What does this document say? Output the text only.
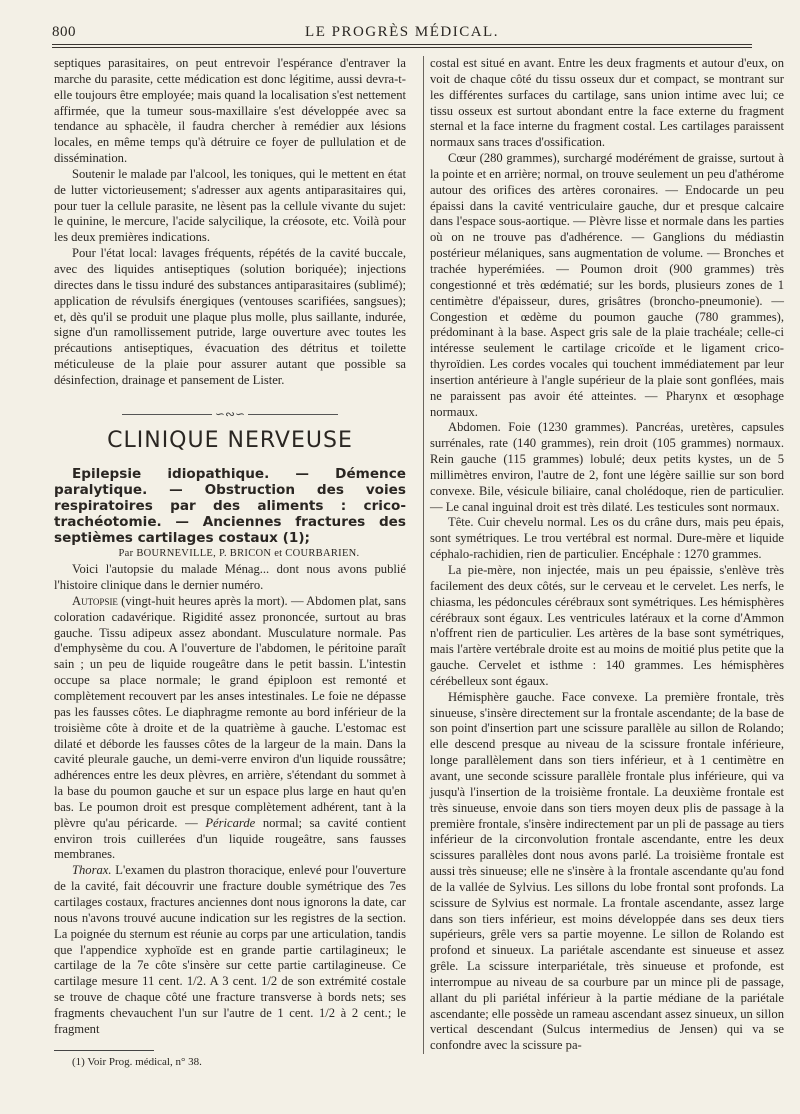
800	LE PROGRÈS MÉDICAL.

septiques parasitaires, on peut entrevoir l'espérance d'entraver la marche du parasite, cette médication est donc légitime, aussi devra-t-elle toujours être employée; mais quand la localisation s'est nettement affirmée, que la tumeur sous-maxillaire s'est développée avec sa tendance au sphacèle, il faudra chercher à remédier aux lésions locales, en même temps qu'à détruire ce foyer de pullulation et de dissémination.

Soutenir le malade par l'alcool, les toniques, qui le mettent en état de lutter victorieusement; s'adresser aux agents antiparasitaires qui, pour tuer la cellule parasite, ne lèsent pas la cellule vivante du sujet: le quinine, le mercure, l'acide salycilique, la créosote, etc. Voilà pour les deux premières indications.

Pour l'état local: lavages fréquents, répétés de la cavité buccale, avec des liquides antiseptiques (solution boriquée); injections directes dans le tissu induré des substances antiparasitaires (sublimé); application de révulsifs énergiques (ventouses scarifiées, sangsues); et, dès qu'il se produit une plaque plus molle, plus saillante, indurée, signe d'un ramollissement putride, large ouverture avec toutes les précautions antiseptiques, évacuation des détritus et toilette méticuleuse de la plaie pour assurer autant que possible sa désinfection, drainage et pansement de Lister.

∽∾∽
CLINIQUE NERVEUSE

Epilepsie idiopathique. — Démence paralytique. — Obstruction des voies respiratoires par des aliments : crico-trachéotomie. — Anciennes fractures des septièmes cartilages costaux (1);

Par BOURNEVILLE, P. BRICON et COURBARIEN.

Voici l'autopsie du malade Ménag... dont nous avons publié l'histoire clinique dans le dernier numéro.

Autopsie (vingt-huit heures après la mort). — Abdomen plat, sans coloration cadavérique. Rigidité assez prononcée, surtout au bras gauche. Tissu adipeux assez abondant. Musculature normale. Pas d'emphysème du cou. A l'ouverture de l'abdomen, le péritoine paraît sain ; un peu de liquide rougeâtre dans le petit bassin. L'intestin occupe sa place normale; le grand épiploon est remonté et complètement recouvert par les anses intestinales. Le foie ne dépasse pas les fausses côtes. Le diaphragme remonte au bord inférieur de la troisième côte à droite et de la quatrième à gauche. L'estomac est dilaté et déborde les fausses côtes de la largeur de la main. Dans la cavité pleurale gauche, un demi-verre environ d'un liquide roussâtre; adhérences entre les deux plèvres, en arrière, s'étendant du sommet à la base du poumon gauche et sur un espace plus large en haut qu'en bas. Le poumon droit est presque complètement adhérent, tant à la plèvre qu'au péricarde. — Péricarde normal; sa cavité contient environ trois cuillerées d'un liquide rougeâtre, sans fausses membranes.

Thorax. L'examen du plastron thoracique, enlevé pour l'ouverture de la cavité, fait découvrir une fracture double symétrique des 7es cartilages costaux, fractures anciennes dont nous ignorons la date, car nous n'avons trouvé aucune indication sur les registres de la section. La poignée du sternum est réunie au corps par une articulation, tandis que l'appendice xyphoïde est en grande partie cartilagineux; le cartilage de la 7e côte s'insère sur cette partie cartilagineuse. Ce cartilage mesure 11 cent. 1/2. A 3 cent. 1/2 de son extrémité costale se trouve de chaque côté une fracture transverse à bords nets; ses fragments chevauchent l'un sur l'autre de 1 cent. 1/2 à 2 cent.; le fragment

(1) Voir Prog. médical, n° 38.

costal est situé en avant. Entre les deux fragments et autour d'eux, on voit de chaque côté du tissu osseux dur et compact, se montrant sur les différentes surfaces du cartilage, sans union intime avec lui; ce tissu osseux est surtout abondant entre la face externe du fragment sternal et la face interne du fragment costal. Les cartilages paraissent normaux sans traces d'ossification.

Cœur (280 grammes), surchargé modérément de graisse, surtout à la pointe et en arrière; normal, on trouve seulement un peu d'athérome autour des orifices des artères coronaires. — Endocarde un peu épaissi dans la cavité ventriculaire gauche, dur et presque calcaire dans l'espace sous-aortique. — Plèvre lisse et normale dans les parties où on ne trouve pas d'adhérence. — Ganglions du médiastin postérieur mélaniques, sans augmentation de volume. — Bronches et trachée hyperémiées. — Poumon droit (900 grammes) très congestionné et très œdématié; sur les bords, plusieurs zones de 1 centimètre d'épaisseur, dures, grisâtres (broncho-pneumonie). — Congestion et œdème du poumon gauche (780 grammes), prédominant à la base. Aspect gris sale de la plaie trachéale; celle-ci intéresse seulement le cartilage cricoïde et le ligament crico-thyroïdien. Les cordes vocales qui touchent immédiatement par leur insertion antérieure à l'angle supérieur de la plaie sont gonflées, mais ne paraissent pas avoir été atteintes. — Pharynx et œsophage normaux.

Abdomen. Foie (1230 grammes). Pancréas, uretères, capsules surrénales, rate (140 grammes), rein droit (105 grammes) normaux. Rein gauche (115 grammes) lobulé; deux petits kystes, un de 5 millimètres environ, l'autre de 2, font une légère saillie sur son bord convexe. Bile, vésicule biliaire, canal cholédoque, rien de particulier. — Le canal inguinal droit est très dilaté. Les testicules sont normaux.

Tête. Cuir chevelu normal. Les os du crâne durs, mais peu épais, sont symétriques. Le trou vertébral est normal. Dure-mère et liquide céphalo-rachidien, rien de particulier. Encéphale : 1270 grammes.

La pie-mère, non injectée, mais un peu épaissie, s'enlève très facilement des deux côtés, sur le cerveau et le cervelet. Les nerfs, le chiasma, les pédoncules cérébraux sont symétriques. Les hémisphères cérébraux sont égaux. Les ventricules latéraux et la corne d'Ammon n'offrent rien de particulier. Les artères de la base sont symétriques, mais l'artère vertébrale droite est au moins de moitié plus petite que la gauche. Cervelet et isthme : 140 grammes. Les hémisphères cérébelleux sont égaux.

Hémisphère gauche. Face convexe. La première frontale, très sinueuse, s'insère directement sur la frontale ascendante; de la base de son point d'insertion part une scissure parallèle au sillon de Rolando; elle descend presque au niveau de la scissure frontale inférieure, longe parallèlement dans son tiers inférieur, et à 1 centimètre en avant, une seconde scissure parallèle frontale plus inférieure, qui va jusqu'à l'insertion de la troisième frontale. La deuxième frontale est très sinueuse, envoie dans son tiers moyen deux plis de passage à la première frontale, s'insère indirectement par un pli de passage au tiers inférieur de la circonvolution frontale ascendante, entre les deux scissures parallèles dont nous avons parlé. La troisième frontale est aussi très sinueuse; elle ne s'insère à la frontale ascendante qu'au fond de la vallée de Sylvius. Les sillons du lobe frontal sont profonds. La scissure de Sylvius est normale. La frontale ascendante, assez large dans son tiers inférieur, est moins développée dans ses deux tiers supérieurs, grêle vers sa partie moyenne. Le sillon de Rolando est profond et sinueux. La pariétale ascendante est sinueuse et assez grêle. La scissure interpariétale, très sinueuse et profonde, est interrompue au niveau de sa courbure par un mince pli de passage, allant du pli pariétal inférieur à la partie médiane de la pariétale ascendante; elle possède un rameau ascendant assez sinueux, un sillon vertical descendant (Sulcus intermedius de Jensen) qui va se confondre avec la scissure pa-
